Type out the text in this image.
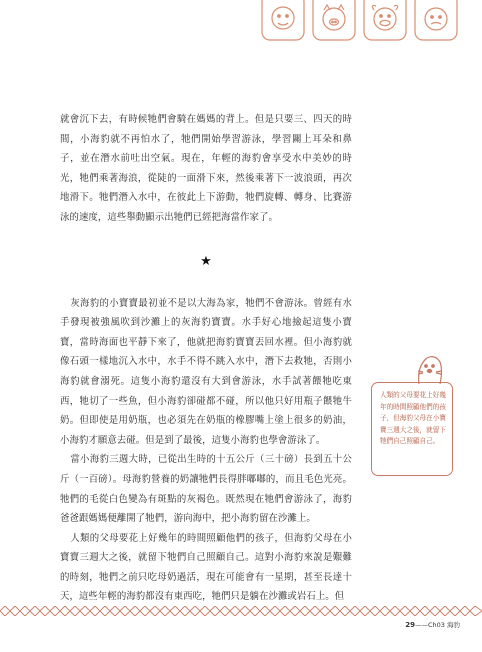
就會沉下去，有時候牠們會騎在媽媽的背上。但是只要三、四天的時間，小海豹就不再怕水了，牠們開始學習游泳，學習關上耳朵和鼻子，並在潛水前吐出空氣。現在，年輕的海豹會享受水中美妙的時光，牠們乘著海浪，從陡的一面滑下來，然後乘著下一波浪頭，再次地滑下。牠們潛入水中，在彼此上下游動，牠們旋轉、轉身、比賽游泳的速度，這些舉動顯示出牠們已經把海當作家了。

★

灰海豹的小寶寶最初並不是以大海為家，牠們不會游泳。曾經有水手發現被強風吹到沙灘上的灰海豹寶寶。水手好心地撿起這隻小寶寶，當時海面也平靜下來了，他就把海豹寶寶丟回水裡。但小海豹就像石頭一樣地沉入水中，水手不得不跳入水中，潛下去救牠，否則小海豹就會溺死。這隻小海豹還沒有大到會游泳，水手試著餵牠吃東西，牠切了一些魚，但小海豹卻碰都不碰，所以他只好用瓶子餵牠牛奶。但即使是用奶瓶，也必須先在奶瓶的橡膠嘴上塗上很多的奶油，小海豹才願意去碰。但是到了最後，這隻小海豹也學會游泳了。

當小海豹三週大時，已從出生時的十五公斤（三十磅）長到五十公斤（一百磅）。母海豹營養的奶讓牠們長得胖嘟嘟的，而且毛色光亮。牠們的毛從白色變為有斑點的灰褐色。既然現在牠們會游泳了，海豹爸爸跟媽媽便離開了牠們，游向海中，把小海豹留在沙灘上。

人類的父母要花上好幾年的時間照顧他們的孩子，但海豹父母在小寶寶三週大之後，就留下牠們自己照顧自己。這對小海豹來說是艱難的時刻，牠們之前只吃母奶過活，現在可能會有一星期，甚至長達十天，這些年輕的海豹都沒有東西吃，牠們只是躺在沙灘或岩石上。但

人類的父母要花上好幾年的時間照顧他們的孩子，但海豹父母在小寶寶三週大之後，就留下牠們自己照顧自己。
29——Ch03 海豹
